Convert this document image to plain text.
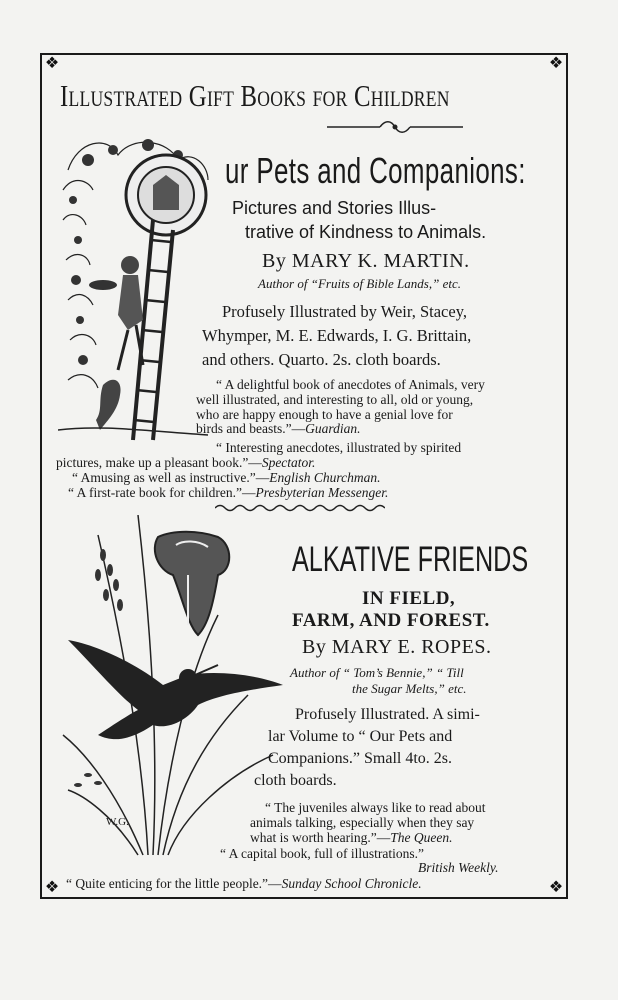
❖	❖
❖	❖
Illustrated Gift Books for Children
ur Pets and Companions:
Pictures and Stories Illus-
trative of Kindness to Animals.
By MARY K. MARTIN.
Author of “Fruits of Bible Lands,” etc.
Profusely Illustrated by Weir, Stacey,
Whymper, M. E. Edwards, I. G. Brittain,
and others. Quarto. 2s. cloth boards.
“ A delightful book of anecdotes of Animals, very
well illustrated, and interesting to all, old or young,
who are happy enough to have a genial love for
birds and beasts.”—Guardian.
“ Interesting anecdotes, illustrated by spirited
pictures, make up a pleasant book.”—Spectator.
“ Amusing as well as instructive.”—English Churchman.
“ A first-rate book for children.”—Presbyterian Messenger.
W.G.
ALKATIVE FRIENDS
IN FIELD,
FARM, AND FOREST.
By MARY E. ROPES.
Author of “ Tom’s Bennie,” “ Till
the Sugar Melts,” etc.
Profusely Illustrated. A simi-
lar Volume to “ Our Pets and
Companions.” Small 4to. 2s.
cloth boards.
“ The juveniles always like to read about
animals talking, especially when they say
what is worth hearing.”—The Queen.
“ A capital book, full of illustrations.”
British Weekly.
“ Quite enticing for the little people.”—Sunday School Chronicle.
